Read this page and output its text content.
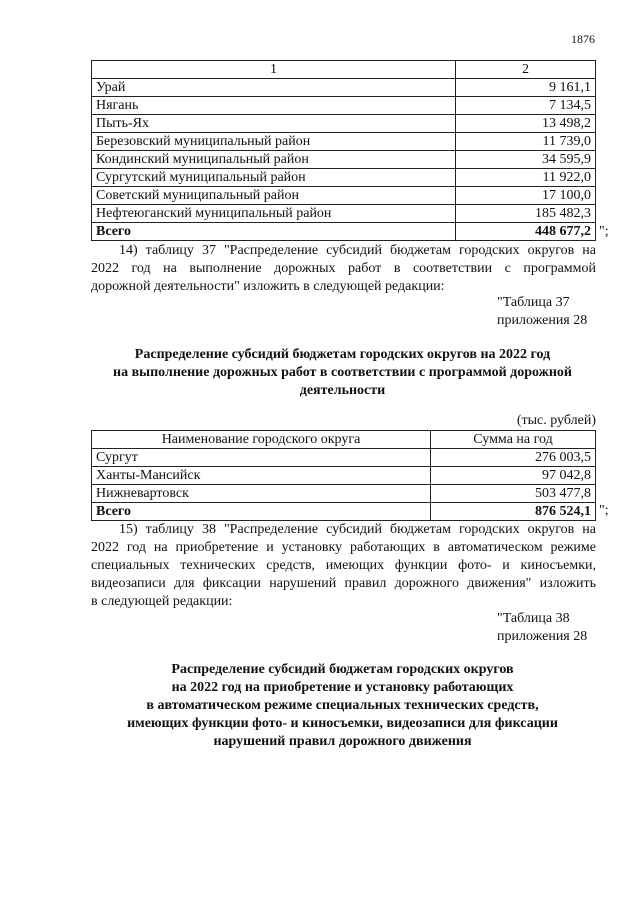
1876
1	2
Урай	9 161,1
Нягань	7 134,5
Пыть-Ях	13 498,2
Березовский муниципальный район	11 739,0
Кондинский муниципальный район	34 595,9
Сургутский муниципальный район	11 922,0
Советский муниципальный район	17 100,0
Нефтеюганский муниципальный район	185 482,3
Всего	448 677,2 ";
14) таблицу 37 "Распределение субсидий бюджетам городских округов на
2022 год на выполнение дорожных работ в соответствии с программой
дорожной деятельности" изложить в следующей редакции:
"Таблица 37
приложения 28
Распределение субсидий бюджетам городских округов на 2022 год
на выполнение дорожных работ в соответствии с программой дорожной
деятельности
(тыс. рублей)
Наименование городского округа	Сумма на год
Сургут	276 003,5
Ханты-Мансийск	97 042,8
Нижневартовск	503 477,8
Всего	876 524,1 ";
15) таблицу 38 "Распределение субсидий бюджетам городских округов на
2022 год на приобретение и установку работающих в автоматическом режиме
специальных технических средств, имеющих функции фото- и киносъемки,
видеозаписи для фиксации нарушений правил дорожного движения" изложить
в следующей редакции:
"Таблица 38
приложения 28
Распределение субсидий бюджетам городских округов
на 2022 год на приобретение и установку работающих
в автоматическом режиме специальных технических средств,
имеющих функции фото- и киносъемки, видеозаписи для фиксации
нарушений правил дорожного движения
